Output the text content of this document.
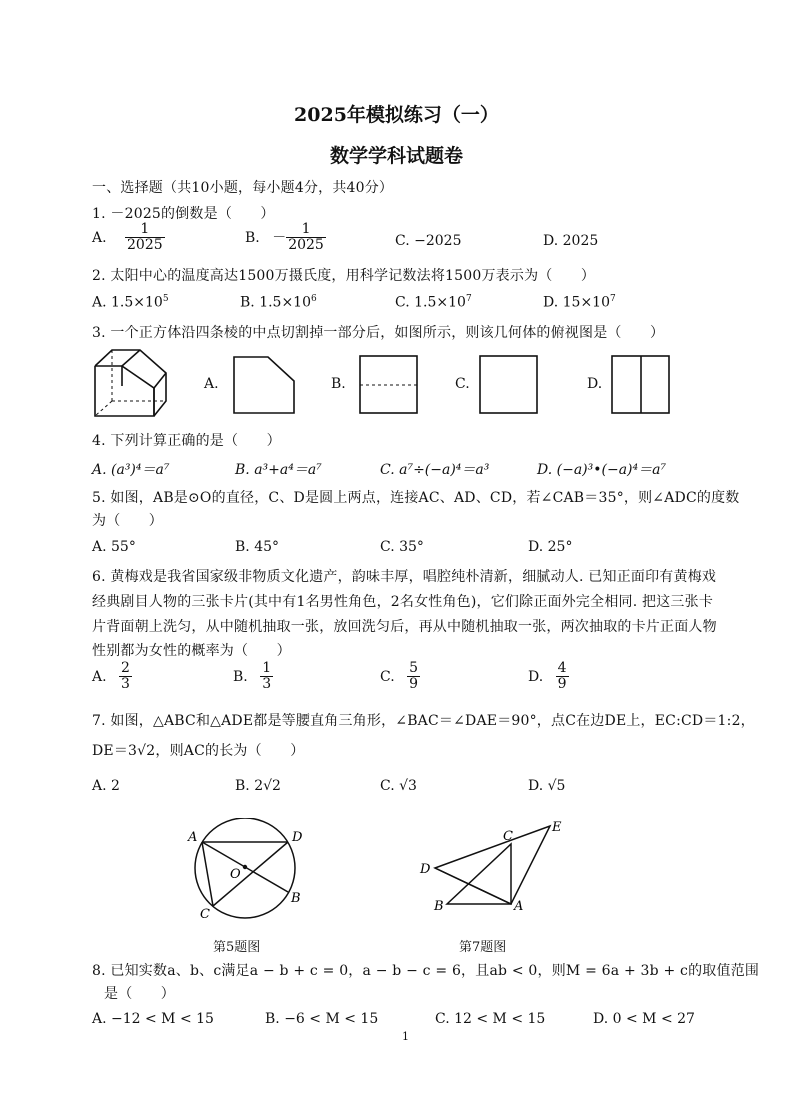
2025年模拟练习（一）
数学学科试题卷
一、选择题（共10小题，每小题4分，共40分）
1. －2025的倒数是（　　）
A. $\frac{1}{2025}$	B. － $\frac{1}{2025}$	C. −2025	D. 2025
2. 太阳中心的温度高达1500万摄氏度，用科学记数法将1500万表示为（　　）
A. $1.5\times 10^5$	B. $1.5\times 10^6$	C. $1.5\times 10^7$	D. $15\times 10^7$
3. 一个正方体沿四条棱的中点切割掉一部分后，如图所示，则该几何体的俯视图是（　　）
A.	B.	C.	D.
4. 下列计算正确的是（　　）
A. (a³)⁴＝a⁷	B. a³+a⁴＝a⁷	C. a⁷÷(−a)⁴＝a³	D. (−a)³•(−a)⁴＝a⁷
5. 如图，AB是⊙O的直径，C、D是圆上两点，连接AC、AD、CD，若∠CAB＝35°，则∠ADC的度数
为（　　）
A. 55°	B. 45°	C. 35°	D. 25°
6. 黄梅戏是我省国家级非物质文化遗产，韵味丰厚，唱腔纯朴清新，细腻动人. 已知正面印有黄梅戏
经典剧目人物的三张卡片(其中有1名男性角色，2名女性角色)，它们除正面外完全相同. 把这三张卡
片背面朝上洗匀，从中随机抽取一张，放回洗匀后，再从中随机抽取一张，两次抽取的卡片正面人物
性别都为女性的概率为（　　）
A. $\frac{2}{3}$	B. $\frac{1}{3}$	C. $\frac{5}{9}$	D. $\frac{4}{9}$
7. 如图，△ABC和△ADE都是等腰直角三角形，∠BAC＝∠DAE＝90°，点C在边DE上，EC:CD＝1:2，
DE＝3√2，则AC的长为（　　）
A. 2	B. 2√2	C. √3	D. √5
A	D
O
B
C
第5题图
C
E
D
B	A
第7题图
8. 已知实数a、b、c满足a − b + c = 0，a − b − c = 6，且ab < 0，则M = 6a + 3b + c的取值范围
是（　　）
A. −12 < M < 15	B. −6 < M < 15	C. 12 < M < 15	D. 0 < M < 27
1
